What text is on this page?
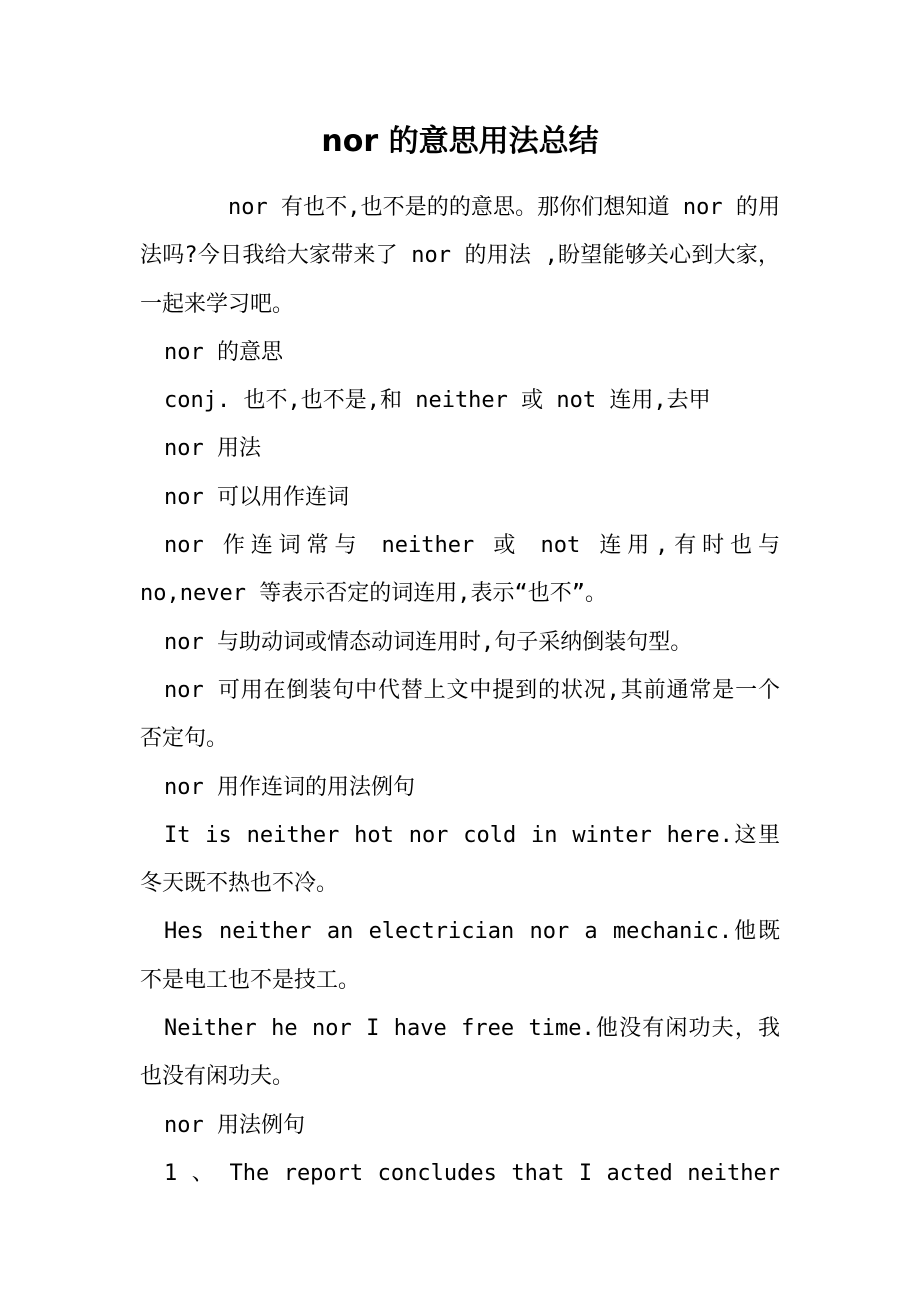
nor 的意思用法总结

nor 有也不,也不是的的意思。那你们想知道 nor 的用法吗?今日我给大家带来了 nor 的用法 ,盼望能够关心到大家，一起来学习吧。

nor 的意思

conj. 也不,也不是,和 neither 或 not 连用,去甲

nor 用法

nor 可以用作连词

nor 作连词常与 neither 或 not 连用,有时也与 no,never 等表示否定的词连用,表示“也不”。

nor 与助动词或情态动词连用时,句子采纳倒装句型。

nor 可用在倒装句中代替上文中提到的状况,其前通常是一个否定句。

nor 用作连词的用法例句

It is neither hot nor cold in winter here.这里冬天既不热也不冷。

Hes neither an electrician nor a mechanic.他既不是电工也不是技工。

Neither he nor I have free time.他没有闲功夫，我也没有闲功夫。

nor 用法例句

1 、 The report concludes that I acted neither
